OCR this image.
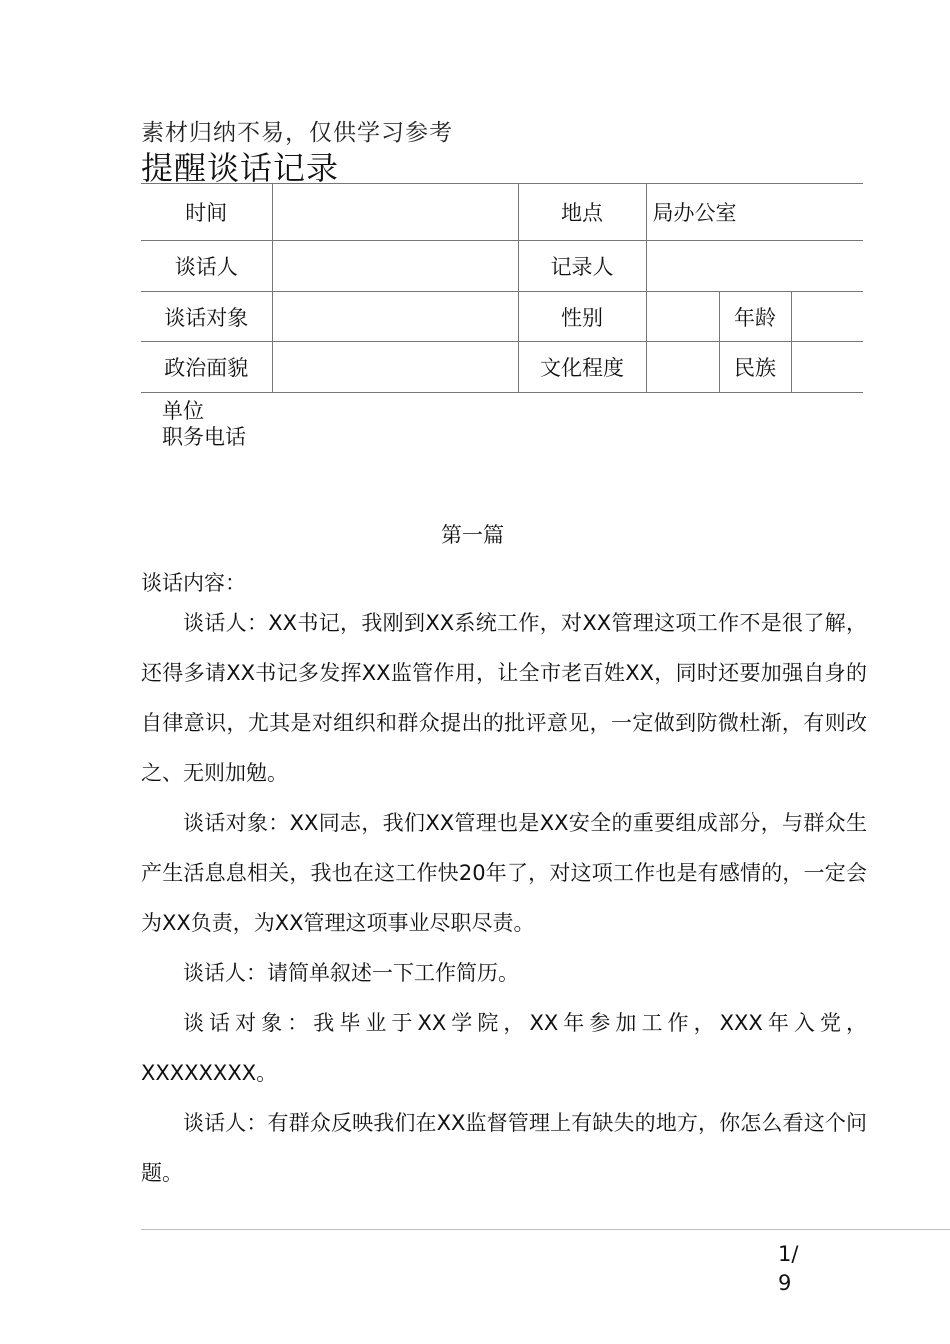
素材归纳不易，仅供学习参考
提醒谈话记录
时间		地点	局办公室		
谈话人		记录人			
谈话对象		性别		年龄	
政治面貌		文化程度		民族	
单位
职务电话
第一篇
谈话内容：

谈话人：XX书记，我刚到XX系统工作，对XX管理这项工作不是很了解，还得多请XX书记多发挥XX监管作用，让全市老百姓XX，同时还要加强自身的自律意识，尤其是对组织和群众提出的批评意见，一定做到防微杜渐，有则改之、无则加勉。

谈话对象：XX同志，我们XX管理也是XX安全的重要组成部分，与群众生产生活息息相关，我也在这工作快20年了，对这项工作也是有感情的，一定会为XX负责，为XX管理这项事业尽职尽责。

谈话人：请简单叙述一下工作简历。

谈话对象：我毕业于XX学院，XX年参加工作，XXX年入党，XXXXXXXX。

谈话人：有群众反映我们在XX监督管理上有缺失的地方，你怎么看这个问题。

1/9
